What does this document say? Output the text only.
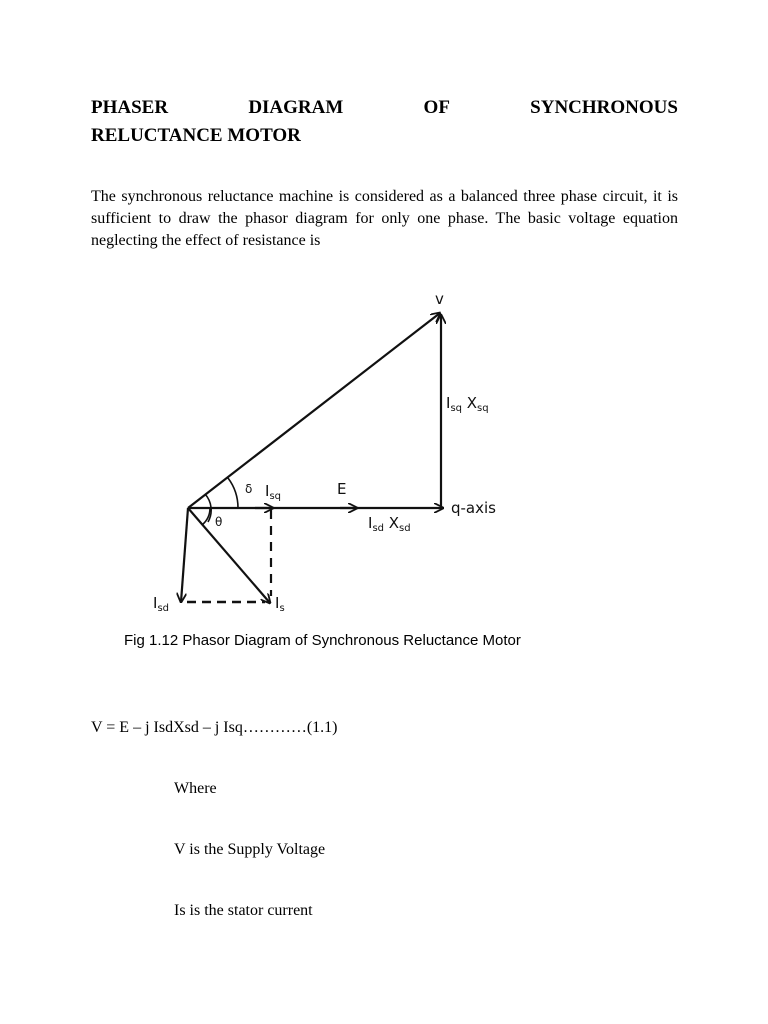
PHASER	DIAGRAM	OF	SYNCHRONOUS
RELUCTANCE MOTOR

The synchronous reluctance machine is considered as a balanced three phase circuit, it is sufficient to draw the phasor diagram for only one phase. The basic voltage equation neglecting the effect of resistance is

v
δ
θ
$I_{sq}$	E
q-axis
$I_{sd}$ $X_{sd}$
$I_{sq}$ $X_{sq}$
$I_{sd}$	$I_s$
Fig 1.12 Phasor Diagram of Synchronous Reluctance Motor
V = E – j IsdXsd – j Isq…………(1.1)
Where
V is the Supply Voltage
Is is the stator current
